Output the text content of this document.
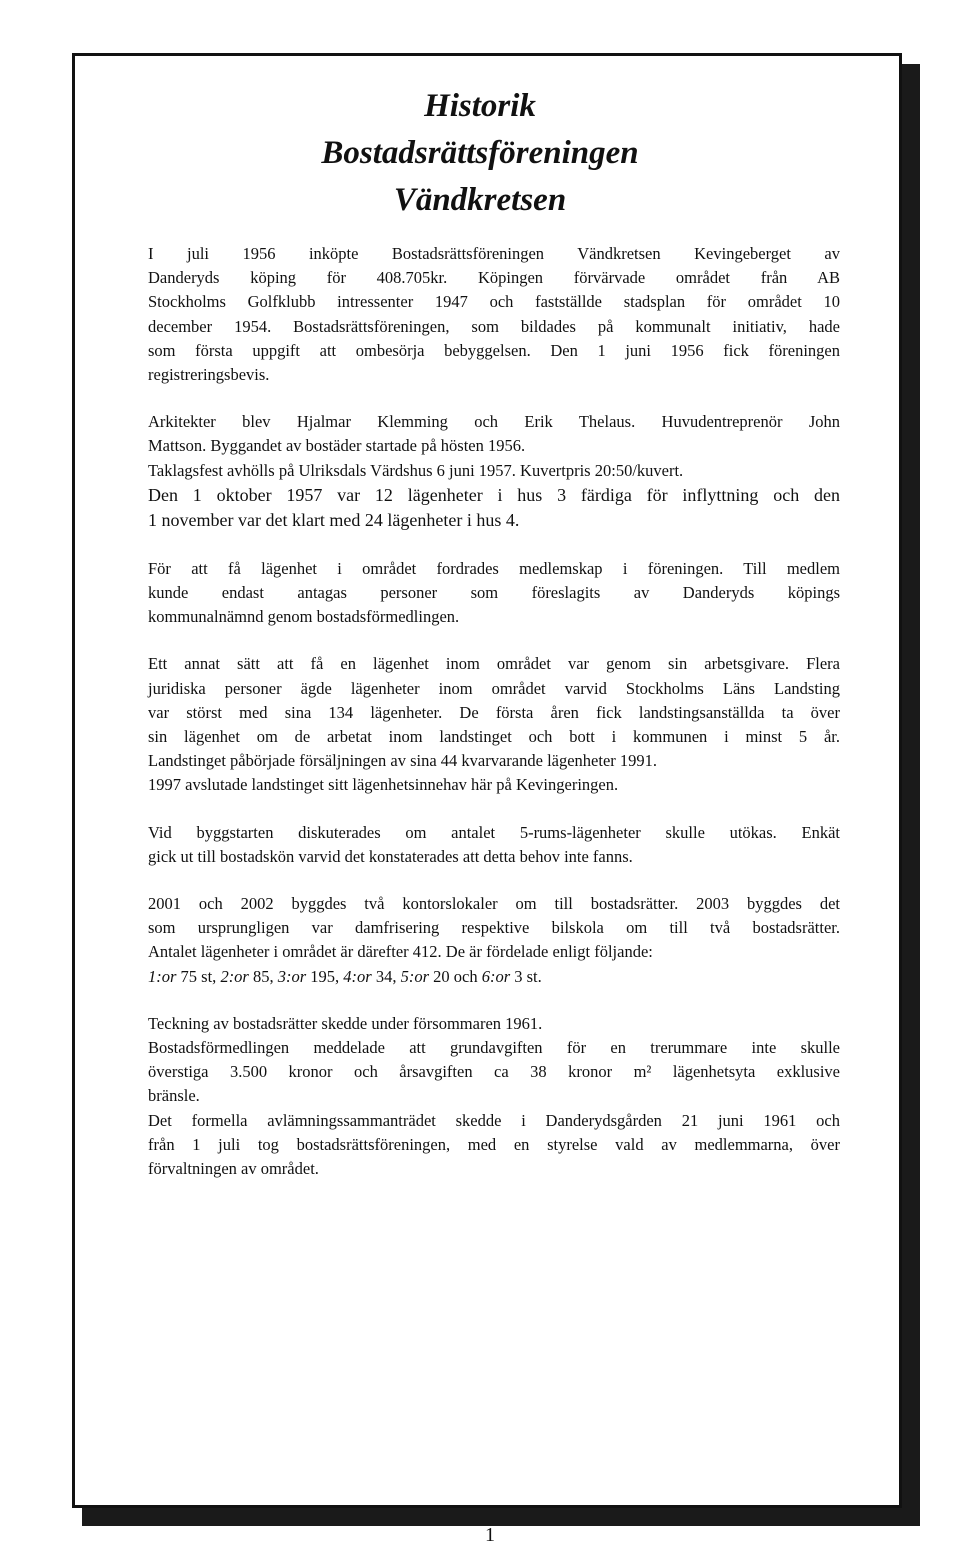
Historik
Bostadsrättsföreningen
Vändkretsen
I juli 1956 inköpte Bostadsrättsföreningen Vändkretsen Kevingeberget av
Danderyds köping för 408.705kr. Köpingen förvärvade området från AB
Stockholms Golfklubb intressenter 1947 och fastställde stadsplan för området 10
december 1954. Bostadsrättsföreningen, som bildades på kommunalt initiativ, hade
som första uppgift att ombesörja bebyggelsen. Den 1 juni 1956 fick föreningen
registreringsbevis.
Arkitekter blev Hjalmar Klemming och Erik Thelaus. Huvudentreprenör John
Mattson. Byggandet av bostäder startade på hösten 1956.
Taklagsfest avhölls på Ulriksdals Värdshus 6 juni 1957. Kuvertpris 20:50/kuvert.
Den 1 oktober 1957 var 12 lägenheter i hus 3 färdiga för inflyttning och den
1 november var det klart med 24 lägenheter i hus 4.
För att få lägenhet i området fordrades medlemskap i föreningen. Till medlem
kunde endast antagas personer som föreslagits av Danderyds köpings
kommunalnämnd genom bostadsförmedlingen.
Ett annat sätt att få en lägenhet inom området var genom sin arbetsgivare. Flera
juridiska personer ägde lägenheter inom området varvid Stockholms Läns Landsting
var störst med sina 134 lägenheter. De första åren fick landstingsanställda ta över
sin lägenhet om de arbetat inom landstinget och bott i kommunen i minst 5 år.
Landstinget påbörjade försäljningen av sina 44 kvarvarande lägenheter 1991.
1997 avslutade landstinget sitt lägenhetsinnehav här på Kevingeringen.
Vid byggstarten diskuterades om antalet 5-rums-lägenheter skulle utökas. Enkät
gick ut till bostadskön varvid det konstaterades att detta behov inte fanns.
2001 och 2002 byggdes två kontorslokaler om till bostadsrätter. 2003 byggdes det
som ursprungligen var damfrisering respektive bilskola om till två bostadsrätter.
Antalet lägenheter i området är därefter 412. De är fördelade enligt följande:
1:or 75 st, 2:or 85, 3:or 195, 4:or 34, 5:or 20 och 6:or 3 st.
Teckning av bostadsrätter skedde under försommaren 1961.
Bostadsförmedlingen meddelade att grundavgiften för en trerummare inte skulle
överstiga 3.500 kronor och årsavgiften ca 38 kronor m² lägenhetsyta exklusive
bränsle.
Det formella avlämningssammanträdet skedde i Danderydsgården 21 juni 1961 och
från 1 juli tog bostadsrättsföreningen, med en styrelse vald av medlemmarna, över
förvaltningen av området.
1
